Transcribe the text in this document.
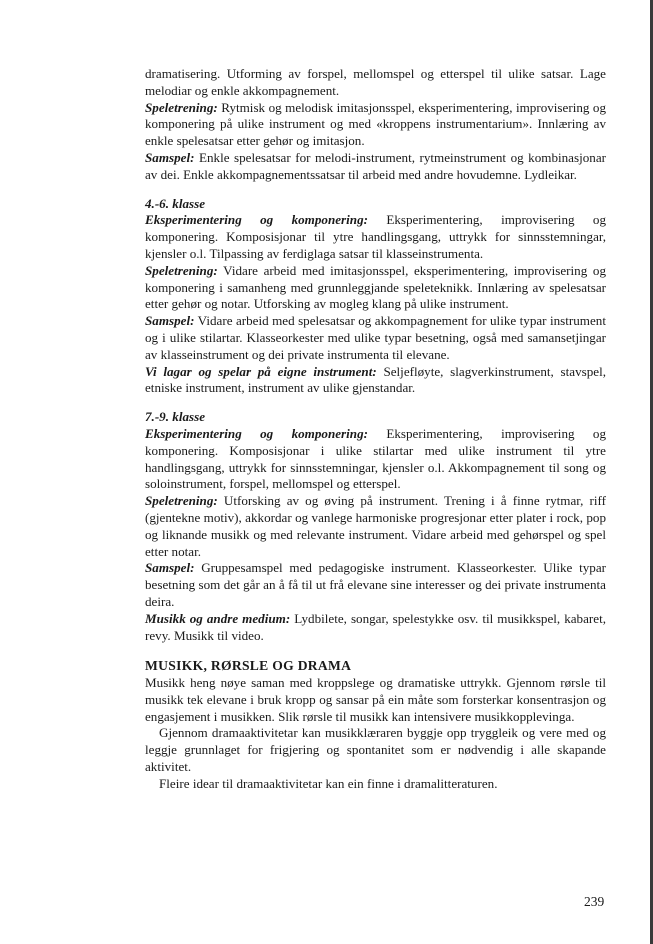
dramatisering. Utforming av forspel, mellomspel og etterspel til ulike satsar. Lage melodiar og enkle akkompagnement.

Speletrening: Rytmisk og melodisk imitasjonsspel, eksperimentering, improvisering og komponering på ulike instrument og med «kroppens instrumentarium». Innlæring av enkle spelesatsar etter gehør og imitasjon.

Samspel: Enkle spelesatsar for melodi-instrument, rytmeinstrument og kombinasjonar av dei. Enkle akkompagnementssatsar til arbeid med andre hovudemne. Lydleikar.

4.-6. klasse

Eksperimentering og komponering: Eksperimentering, improvisering og komponering. Komposisjonar til ytre handlingsgang, uttrykk for sinnsstemningar, kjensler o.l. Tilpassing av ferdiglaga satsar til klasseinstrumenta.

Speletrening: Vidare arbeid med imitasjonsspel, eksperimentering, improvisering og komponering i samanheng med grunnleggjande speleteknikk. Innlæring av spelesatsar etter gehør og notar. Utforsking av mogleg klang på ulike instrument.

Samspel: Vidare arbeid med spelesatsar og akkompagnement for ulike typar instrument og i ulike stilartar. Klasseorkester med ulike typar besetning, også med samansetjingar av klasseinstrument og dei private instrumenta til elevane.

Vi lagar og spelar på eigne instrument: Seljefløyte, slagverkinstrument, stavspel, etniske instrument, instrument av ulike gjenstandar.

7.-9. klasse

Eksperimentering og komponering: Eksperimentering, improvisering og komponering. Komposisjonar i ulike stilartar med ulike instrument til ytre handlingsgang, uttrykk for sinnsstemningar, kjensler o.l. Akkompagnement til song og soloinstrument, forspel, mellomspel og etterspel.

Speletrening: Utforsking av og øving på instrument. Trening i å finne rytmar, riff (gjentekne motiv), akkordar og vanlege harmoniske progresjonar etter plater i rock, pop og liknande musikk og med relevante instrument. Vidare arbeid med gehørspel og spel etter notar.

Samspel: Gruppesamspel med pedagogiske instrument. Klasseorkester. Ulike typar besetning som det går an å få til ut frå elevane sine interesser og dei private instrumenta deira.

Musikk og andre medium: Lydbilete, songar, spelestykke osv. til musikkspel, kabaret, revy. Musikk til video.

MUSIKK, RØRSLE OG DRAMA

Musikk heng nøye saman med kroppslege og dramatiske uttrykk. Gjennom rørsle til musikk tek elevane i bruk kropp og sansar på ein måte som forsterkar konsentrasjon og engasjement i musikken. Slik rørsle til musikk kan intensivere musikkopplevinga.

Gjennom dramaaktivitetar kan musikklæraren byggje opp tryggleik og vere med og leggje grunnlaget for frigjering og spontanitet som er nødvendig i alle skapande aktivitet.

Fleire idear til dramaaktivitetar kan ein finne i dramalitteraturen.

239
